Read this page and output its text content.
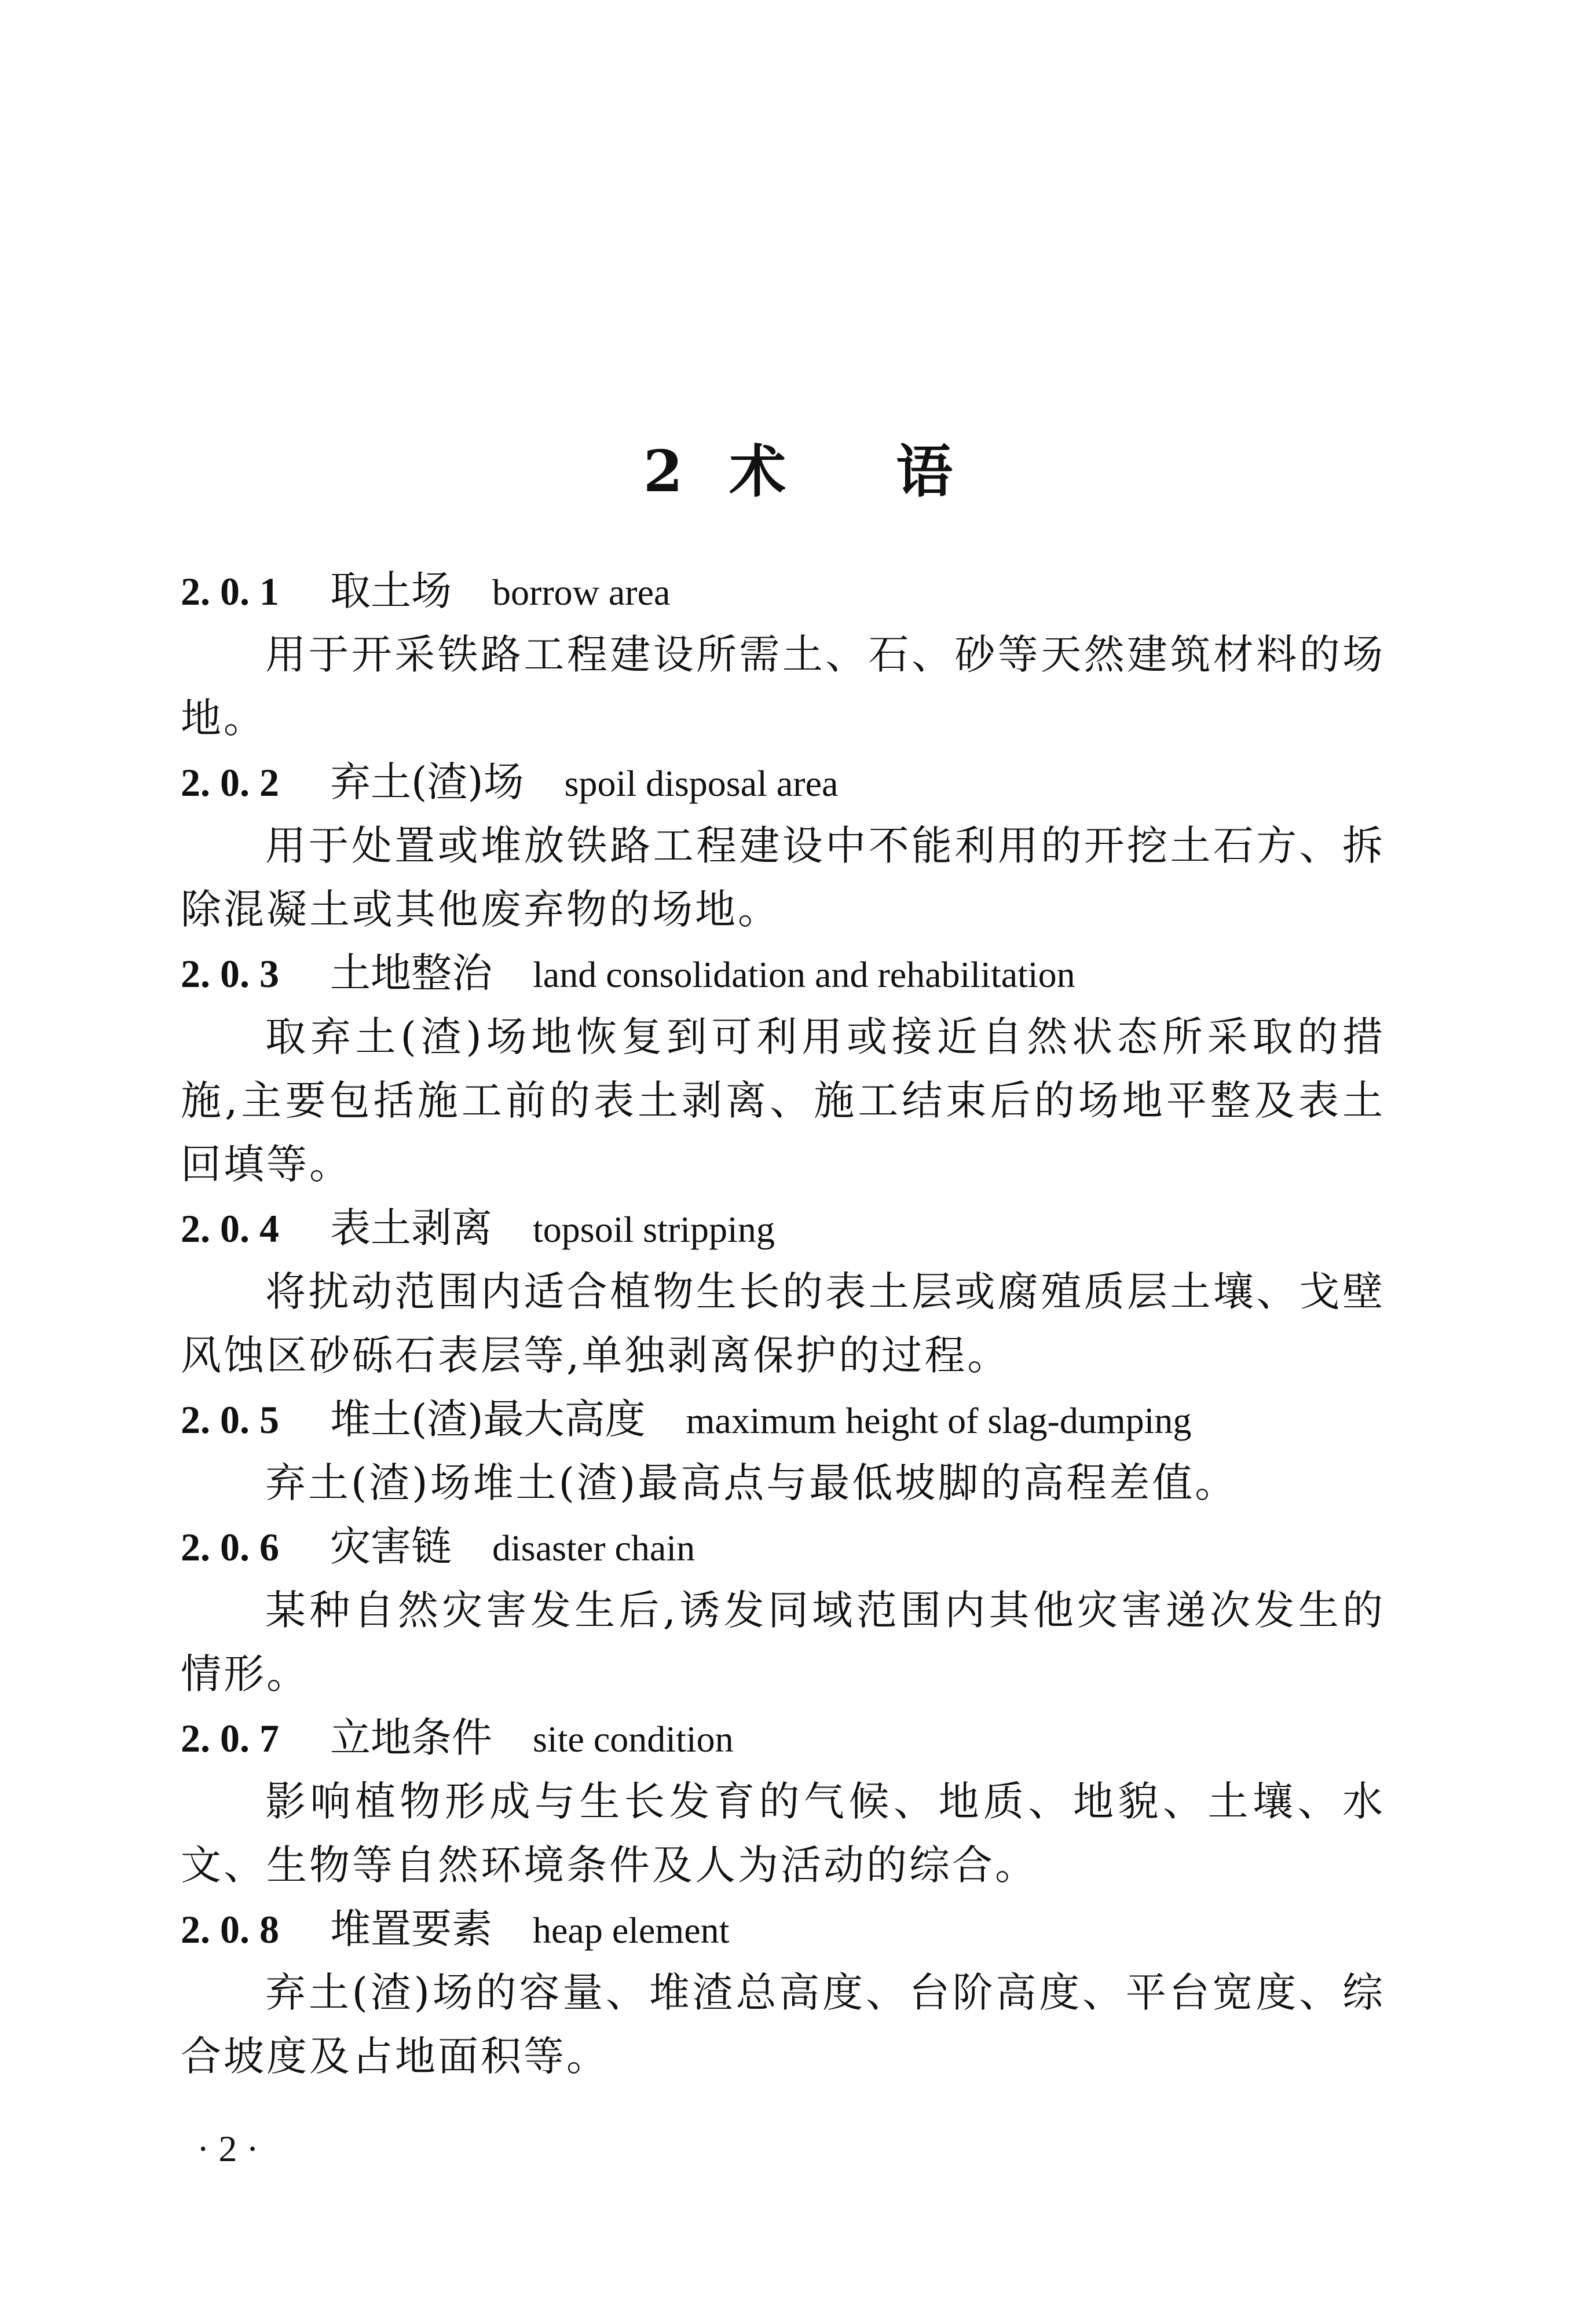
2 术 语
2. 0. 1 取土场 borrow area
用于开采铁路工程建设所需土、石、砂等天然建筑材料的场地。
2. 0. 2 弃土(渣)场 spoil disposal area
用于处置或堆放铁路工程建设中不能利用的开挖土石方、拆除混凝土或其他废弃物的场地。
2. 0. 3 土地整治 land consolidation and rehabilitation
取弃土(渣)场地恢复到可利用或接近自然状态所采取的措施,主要包括施工前的表土剥离、施工结束后的场地平整及表土回填等。
2. 0. 4 表土剥离 topsoil stripping
将扰动范围内适合植物生长的表土层或腐殖质层土壤、戈壁风蚀区砂砾石表层等,单独剥离保护的过程。
2. 0. 5 堆土(渣)最大高度 maximum height of slag-dumping
弃土(渣)场堆土(渣)最高点与最低坡脚的高程差值。
2. 0. 6 灾害链 disaster chain
某种自然灾害发生后,诱发同域范围内其他灾害递次发生的情形。
2. 0. 7 立地条件 site condition
影响植物形成与生长发育的气候、地质、地貌、土壤、水文、生物等自然环境条件及人为活动的综合。
2. 0. 8 堆置要素 heap element
弃土(渣)场的容量、堆渣总高度、台阶高度、平台宽度、综合坡度及占地面积等。
· 2 ·
